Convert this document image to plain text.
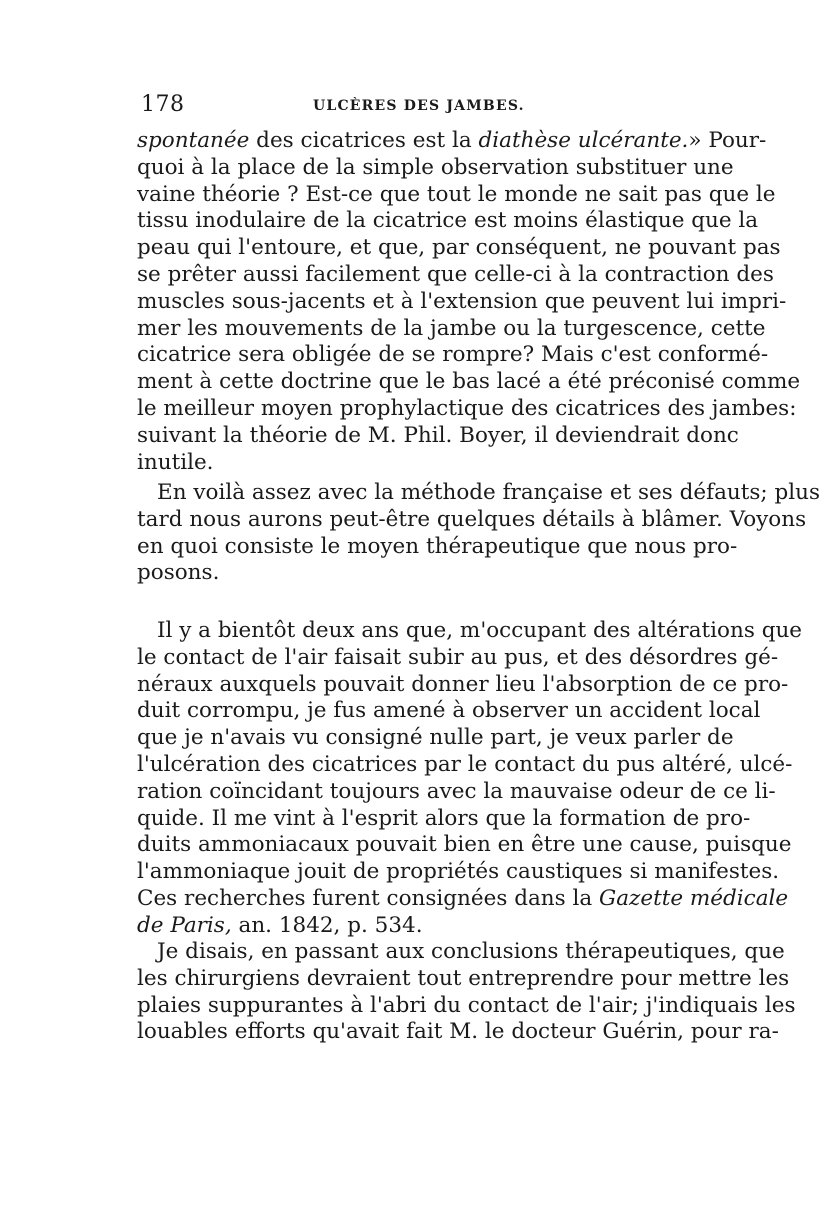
178	ULCÈRES DES JAMBES.
spontanée des cicatrices est la diathèse ulcérante.» Pour-
quoi à la place de la simple observation substituer une
vaine théorie ? Est-ce que tout le monde ne sait pas que le
tissu inodulaire de la cicatrice est moins élastique que la
peau qui l'entoure, et que, par conséquent, ne pouvant pas
se prêter aussi facilement que celle-ci à la contraction des
muscles sous-jacents et à l'extension que peuvent lui impri-
mer les mouvements de la jambe ou la turgescence, cette
cicatrice sera obligée de se rompre? Mais c'est conformé-
ment à cette doctrine que le bas lacé a été préconisé comme
le meilleur moyen prophylactique des cicatrices des jambes:
suivant la théorie de M. Phil. Boyer, il deviendrait donc
inutile.
En voilà assez avec la méthode française et ses défauts; plus
tard nous aurons peut-être quelques détails à blâmer. Voyons
en quoi consiste le moyen thérapeutique que nous pro-
posons.
Il y a bientôt deux ans que, m'occupant des altérations que
le contact de l'air faisait subir au pus, et des désordres gé-
néraux auxquels pouvait donner lieu l'absorption de ce pro-
duit corrompu, je fus amené à observer un accident local
que je n'avais vu consigné nulle part, je veux parler de
l'ulcération des cicatrices par le contact du pus altéré, ulcé-
ration coïncidant toujours avec la mauvaise odeur de ce li-
quide. Il me vint à l'esprit alors que la formation de pro-
duits ammoniacaux pouvait bien en être une cause, puisque
l'ammoniaque jouit de propriétés caustiques si manifestes.
Ces recherches furent consignées dans la Gazette médicale
de Paris, an. 1842, p. 534.
Je disais, en passant aux conclusions thérapeutiques, que
les chirurgiens devraient tout entreprendre pour mettre les
plaies suppurantes à l'abri du contact de l'air; j'indiquais les
louables efforts qu'avait fait M. le docteur Guérin, pour ra-
